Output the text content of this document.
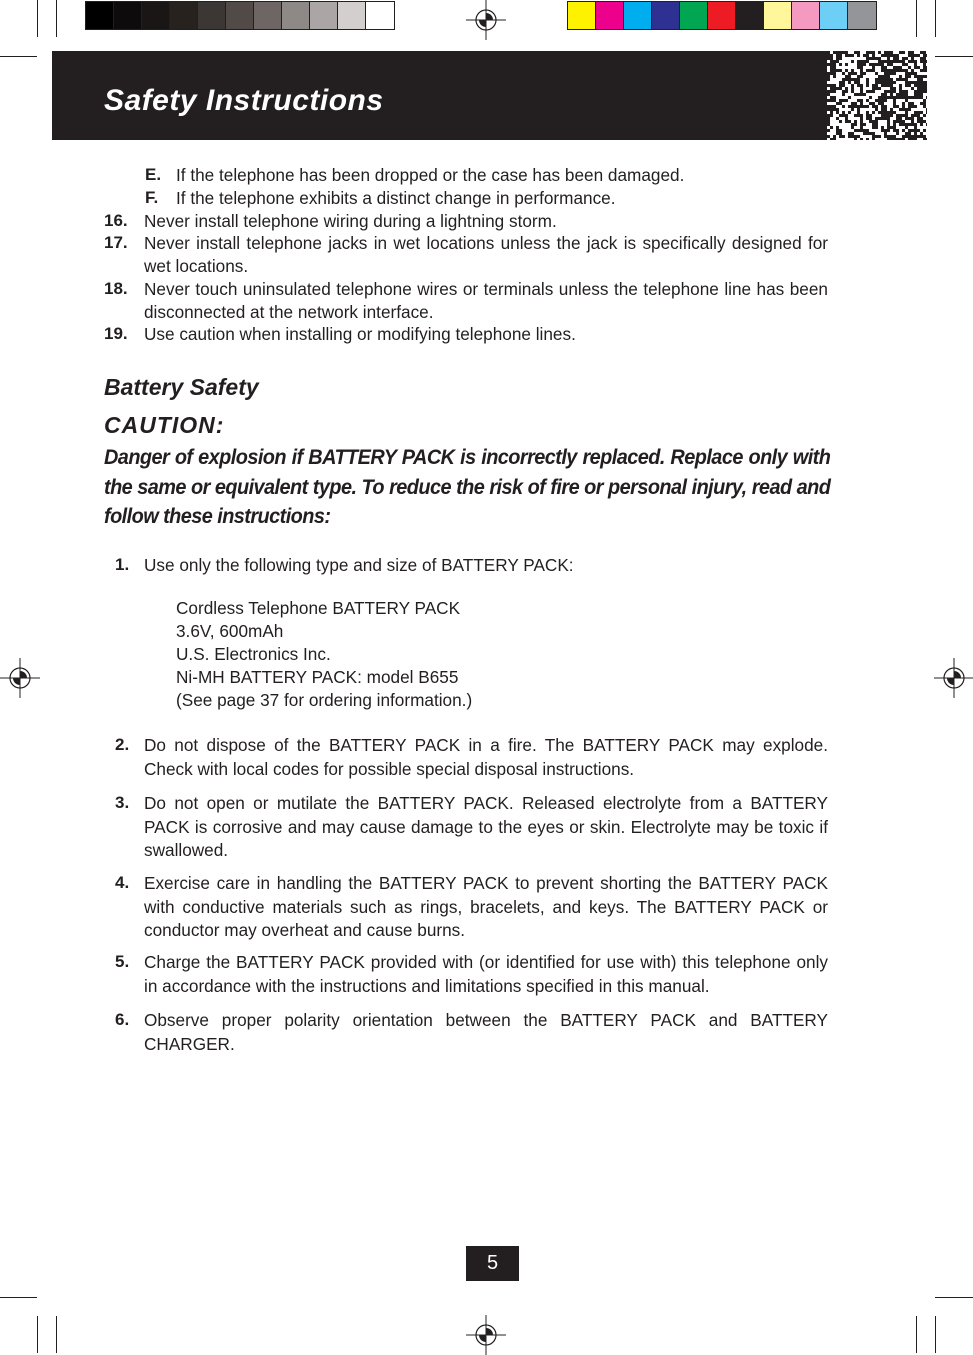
Safety Instructions
E. If the telephone has been dropped or the case has been damaged.
F. If the telephone exhibits a distinct change in performance.
16. Never install telephone wiring during a lightning storm.
17. Never install telephone jacks in wet locations unless the jack is specifically designed for wet locations.
18. Never touch uninsulated telephone wires or terminals unless the telephone line has been disconnected at the network interface.
19. Use caution when installing or modifying telephone lines.
Battery Safety
CAUTION:
Danger of explosion if BATTERY PACK is incorrectly replaced. Replace only with the same or equivalent type. To reduce the risk of fire or personal injury, read and follow these instructions:
1. Use only the following type and size of BATTERY PACK:
2. Do not dispose of the BATTERY PACK in a fire. The BATTERY PACK may explode. Check with local codes for possible special disposal instructions.
3. Do not open or mutilate the BATTERY PACK. Released electrolyte from a BATTERY PACK is corrosive and may cause damage to the eyes or skin. Electrolyte may be toxic if swallowed.
4. Exercise care in handling the BATTERY PACK to prevent shorting the BATTERY PACK with conductive materials such as rings, bracelets, and keys. The BATTERY PACK or conductor may overheat and cause burns.
5. Charge the BATTERY PACK provided with (or identified for use with) this telephone only in accordance with the instructions and limitations specified in this manual.
6. Observe proper polarity orientation between the BATTERY PACK and BATTERY CHARGER.
Cordless Telephone BATTERY PACK
3.6V, 600mAh
U.S. Electronics Inc.
Ni-MH BATTERY PACK: model B655
(See page 37 for ordering information.)
5
